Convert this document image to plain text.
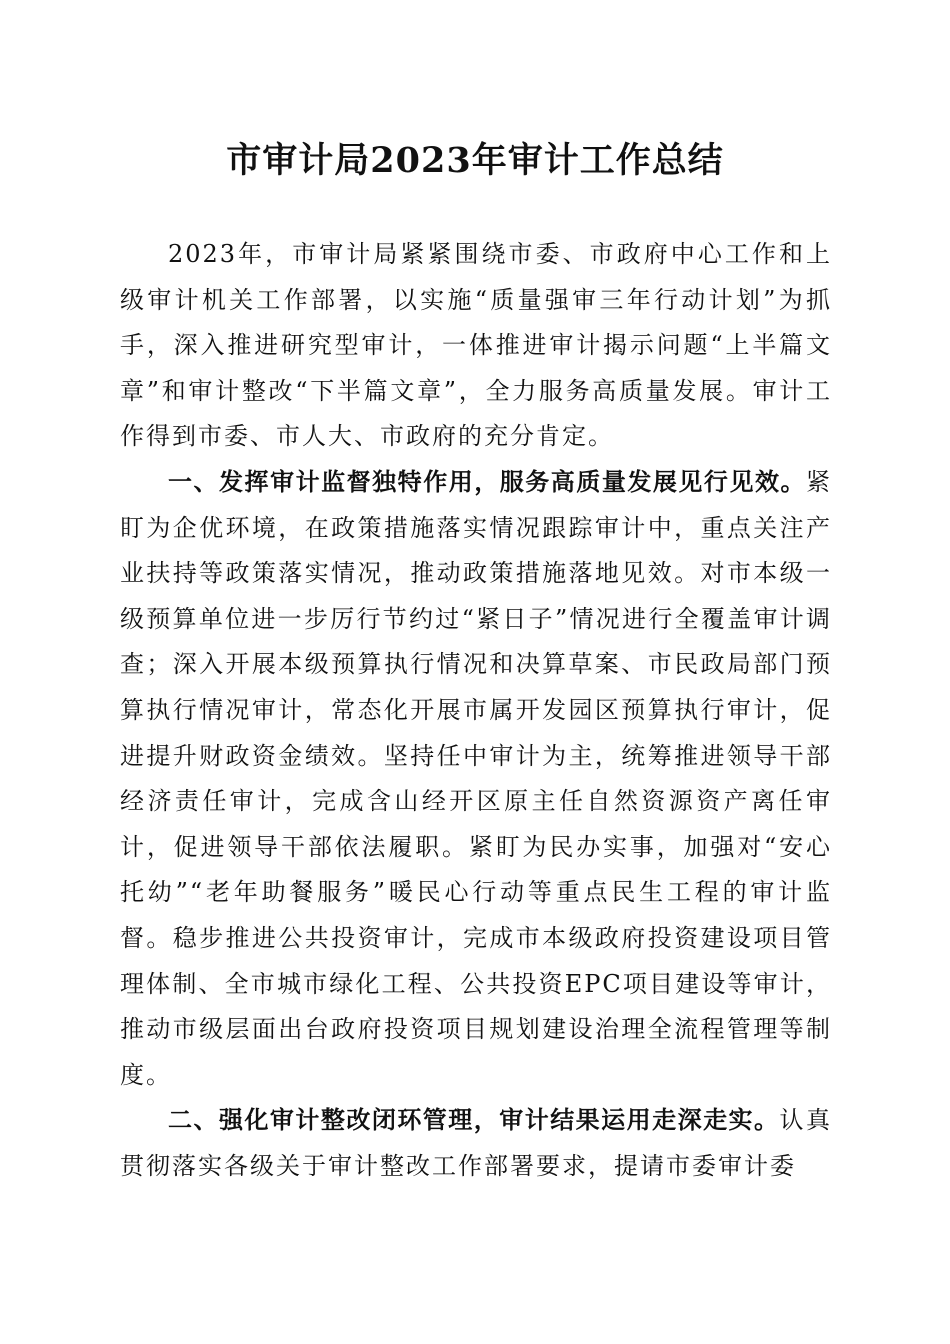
市审计局2023年审计工作总结

2023年，市审计局紧紧围绕市委、市政府中心工作和上级审计机关工作部署，以实施“质量强审三年行动计划”为抓手，深入推进研究型审计，一体推进审计揭示问题“上半篇文章”和审计整改“下半篇文章”，全力服务高质量发展。审计工作得到市委、市人大、市政府的充分肯定。

一、发挥审计监督独特作用，服务高质量发展见行见效。紧盯为企优环境，在政策措施落实情况跟踪审计中，重点关注产业扶持等政策落实情况，推动政策措施落地见效。对市本级一级预算单位进一步厉行节约过“紧日子”情况进行全覆盖审计调查；深入开展本级预算执行情况和决算草案、市民政局部门预算执行情况审计，常态化开展市属开发园区预算执行审计，促进提升财政资金绩效。坚持任中审计为主，统筹推进领导干部经济责任审计，完成含山经开区原主任自然资源资产离任审计，促进领导干部依法履职。紧盯为民办实事，加强对“安心托幼”“老年助餐服务”暖民心行动等重点民生工程的审计监督。稳步推进公共投资审计，完成市本级政府投资建设项目管理体制、全市城市绿化工程、公共投资EPC项目建设等审计，推动市级层面出台政府投资项目规划建设治理全流程管理等制度。

二、强化审计整改闭环管理，审计结果运用走深走实。认真贯彻落实各级关于审计整改工作部署要求，提请市委审计委
